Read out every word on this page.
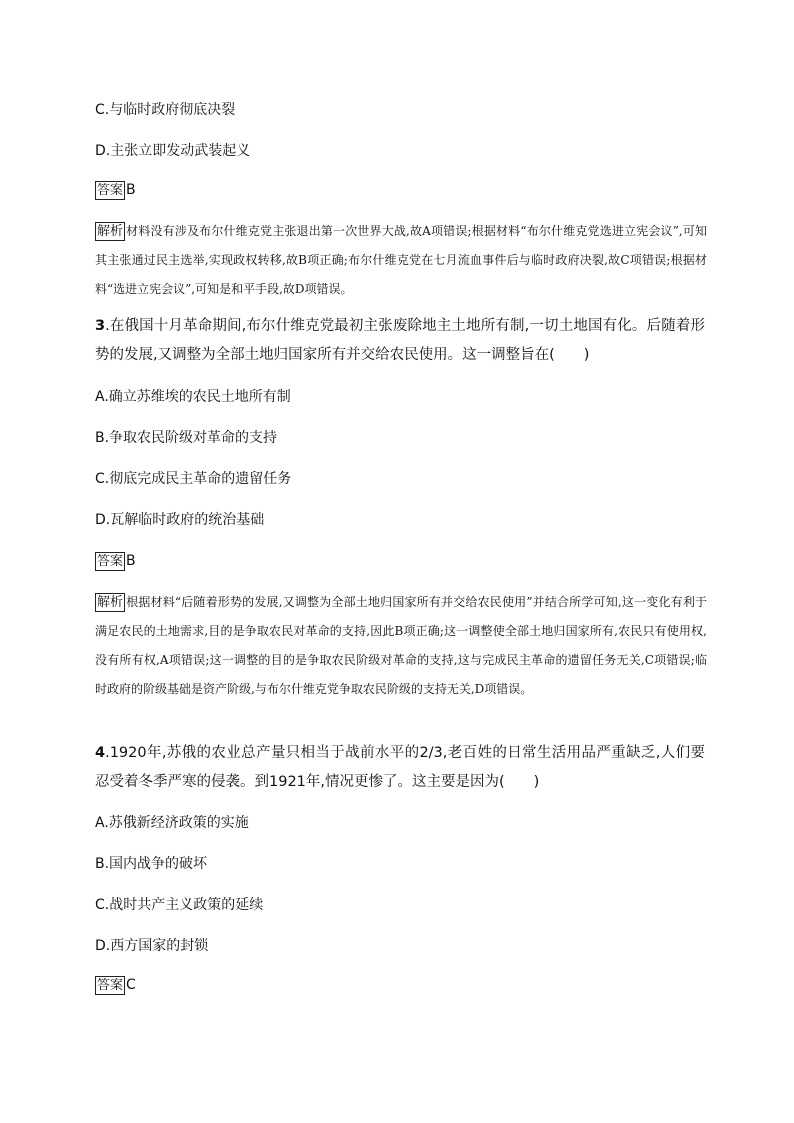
C.与临时政府彻底决裂
D.主张立即发动武装起义
答案 B
解析 材料没有涉及布尔什维克党主张退出第一次世界大战,故A项错误;根据材料“布尔什维克党选进立宪会议”,可知其主张通过民主选举,实现政权转移,故B项正确;布尔什维克党在七月流血事件后与临时政府决裂,故C项错误;根据材料“选进立宪会议”,可知是和平手段,故D项错误。
3.在俄国十月革命期间,布尔什维克党最初主张废除地主土地所有制,一切土地国有化。后随着形势的发展,又调整为全部土地归国家所有并交给农民使用。这一调整旨在(　　)
A.确立苏维埃的农民土地所有制
B.争取农民阶级对革命的支持
C.彻底完成民主革命的遗留任务
D.瓦解临时政府的统治基础
答案 B
解析 根据材料“后随着形势的发展,又调整为全部土地归国家所有并交给农民使用”并结合所学可知,这一变化有利于满足农民的土地需求,目的是争取农民对革命的支持,因此B项正确;这一调整使全部土地归国家所有,农民只有使用权,没有所有权,A项错误;这一调整的目的是争取农民阶级对革命的支持,这与完成民主革命的遗留任务无关,C项错误;临时政府的阶级基础是资产阶级,与布尔什维克党争取农民阶级的支持无关,D项错误。
4.1920年,苏俄的农业总产量只相当于战前水平的2/3,老百姓的日常生活用品严重缺乏,人们要忍受着冬季严寒的侵袭。到1921年,情况更惨了。这主要是因为(　　)
A.苏俄新经济政策的实施
B.国内战争的破坏
C.战时共产主义政策的延续
D.西方国家的封锁
答案 C
